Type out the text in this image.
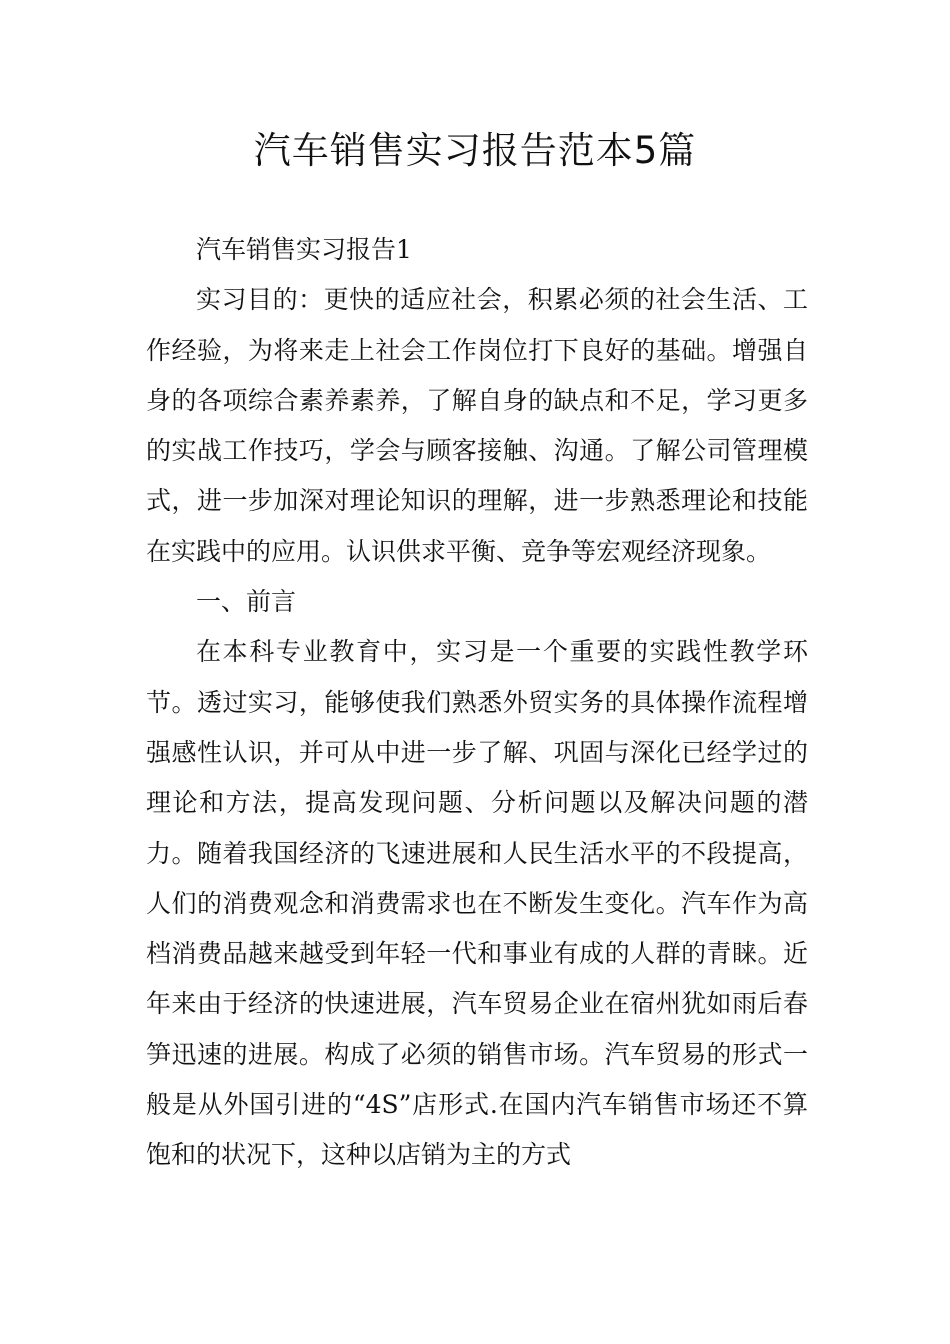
汽车销售实习报告范本5篇

汽车销售实习报告1

实习目的：更快的适应社会，积累必须的社会生活、工作经验，为将来走上社会工作岗位打下良好的基础。增强自身的各项综合素养素养，了解自身的缺点和不足，学习更多的实战工作技巧，学会与顾客接触、沟通。了解公司管理模式，进一步加深对理论知识的理解，进一步熟悉理论和技能在实践中的应用。认识供求平衡、竞争等宏观经济现象。

一、前言

在本科专业教育中，实习是一个重要的实践性教学环节。透过实习，能够使我们熟悉外贸实务的具体操作流程增强感性认识，并可从中进一步了解、巩固与深化已经学过的理论和方法，提高发现问题、分析问题以及解决问题的潜力。随着我国经济的飞速进展和人民生活水平的不段提高，人们的消费观念和消费需求也在不断发生变化。汽车作为高档消费品越来越受到年轻一代和事业有成的人群的青睐。近年来由于经济的快速进展，汽车贸易企业在宿州犹如雨后春笋迅速的进展。构成了必须的销售市场。汽车贸易的形式一般是从外国引进的“4S”店形式.在国内汽车销售市场还不算饱和的状况下，这种以店销为主的方式
